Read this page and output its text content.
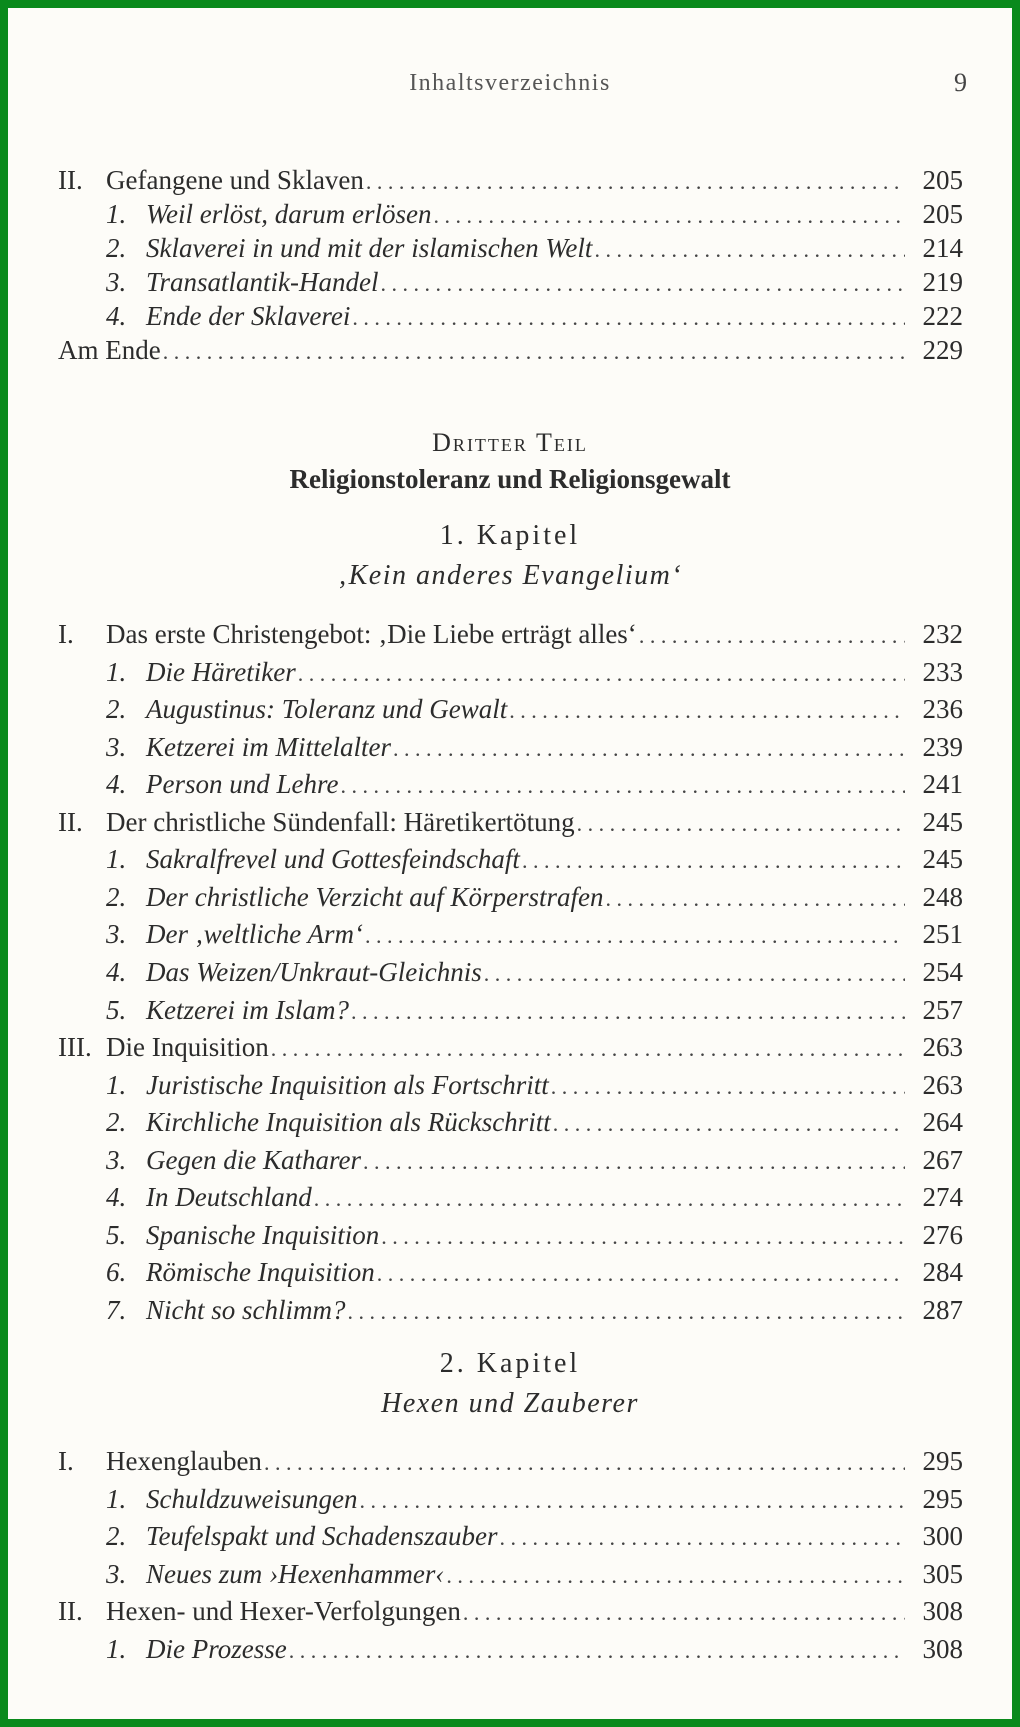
Inhaltsverzeichnis	9
II. Gefangene und Sklaven . . .	205
1. Weil erlöst, darum erlösen . . .	205
2. Sklaverei in und mit der islamischen Welt . . .	214
3. Transatlantik-Handel . . .	219
4. Ende der Sklaverei . . .	222
Am Ende . . .	229
Dritter Teil
Religionstoleranz und Religionsgewalt
1. Kapitel
‚Kein anderes Evangelium‘
I.	Das erste Christengebot: ‚Die Liebe erträgt alles‘ . . .	232
1. Die Häretiker . . .	233
2. Augustinus: Toleranz und Gewalt . . .	236
3. Ketzerei im Mittelalter . . .	239
4. Person und Lehre . . .	241
II. Der christliche Sündenfall: Häretikertötung . . .	245
1. Sakralfrevel und Gottesfeindschaft . . .	245
2. Der christliche Verzicht auf Körperstrafen . . .	248
3. Der ‚weltliche Arm‘ . . .	251
4. Das Weizen/Unkraut-Gleichnis . . .	254
5. Ketzerei im Islam? . . .	257
III. Die Inquisition . . .	263
1. Juristische Inquisition als Fortschritt . . .	263
2. Kirchliche Inquisition als Rückschritt . . .	264
3. Gegen die Katharer . . .	267
4. In Deutschland . . .	274
5. Spanische Inquisition . . .	276
6. Römische Inquisition . . .	284
7. Nicht so schlimm? . . .	287
2. Kapitel
Hexen und Zauberer
I.	Hexenglauben . . .	295
1. Schuldzuweisungen . . .	295
2. Teufelspakt und Schadenszauber . . .	300
3. Neues zum ›Hexenhammer‹ . . .	305
II. Hexen- und Hexer-Verfolgungen . . .	308
1. Die Prozesse . . .	308
